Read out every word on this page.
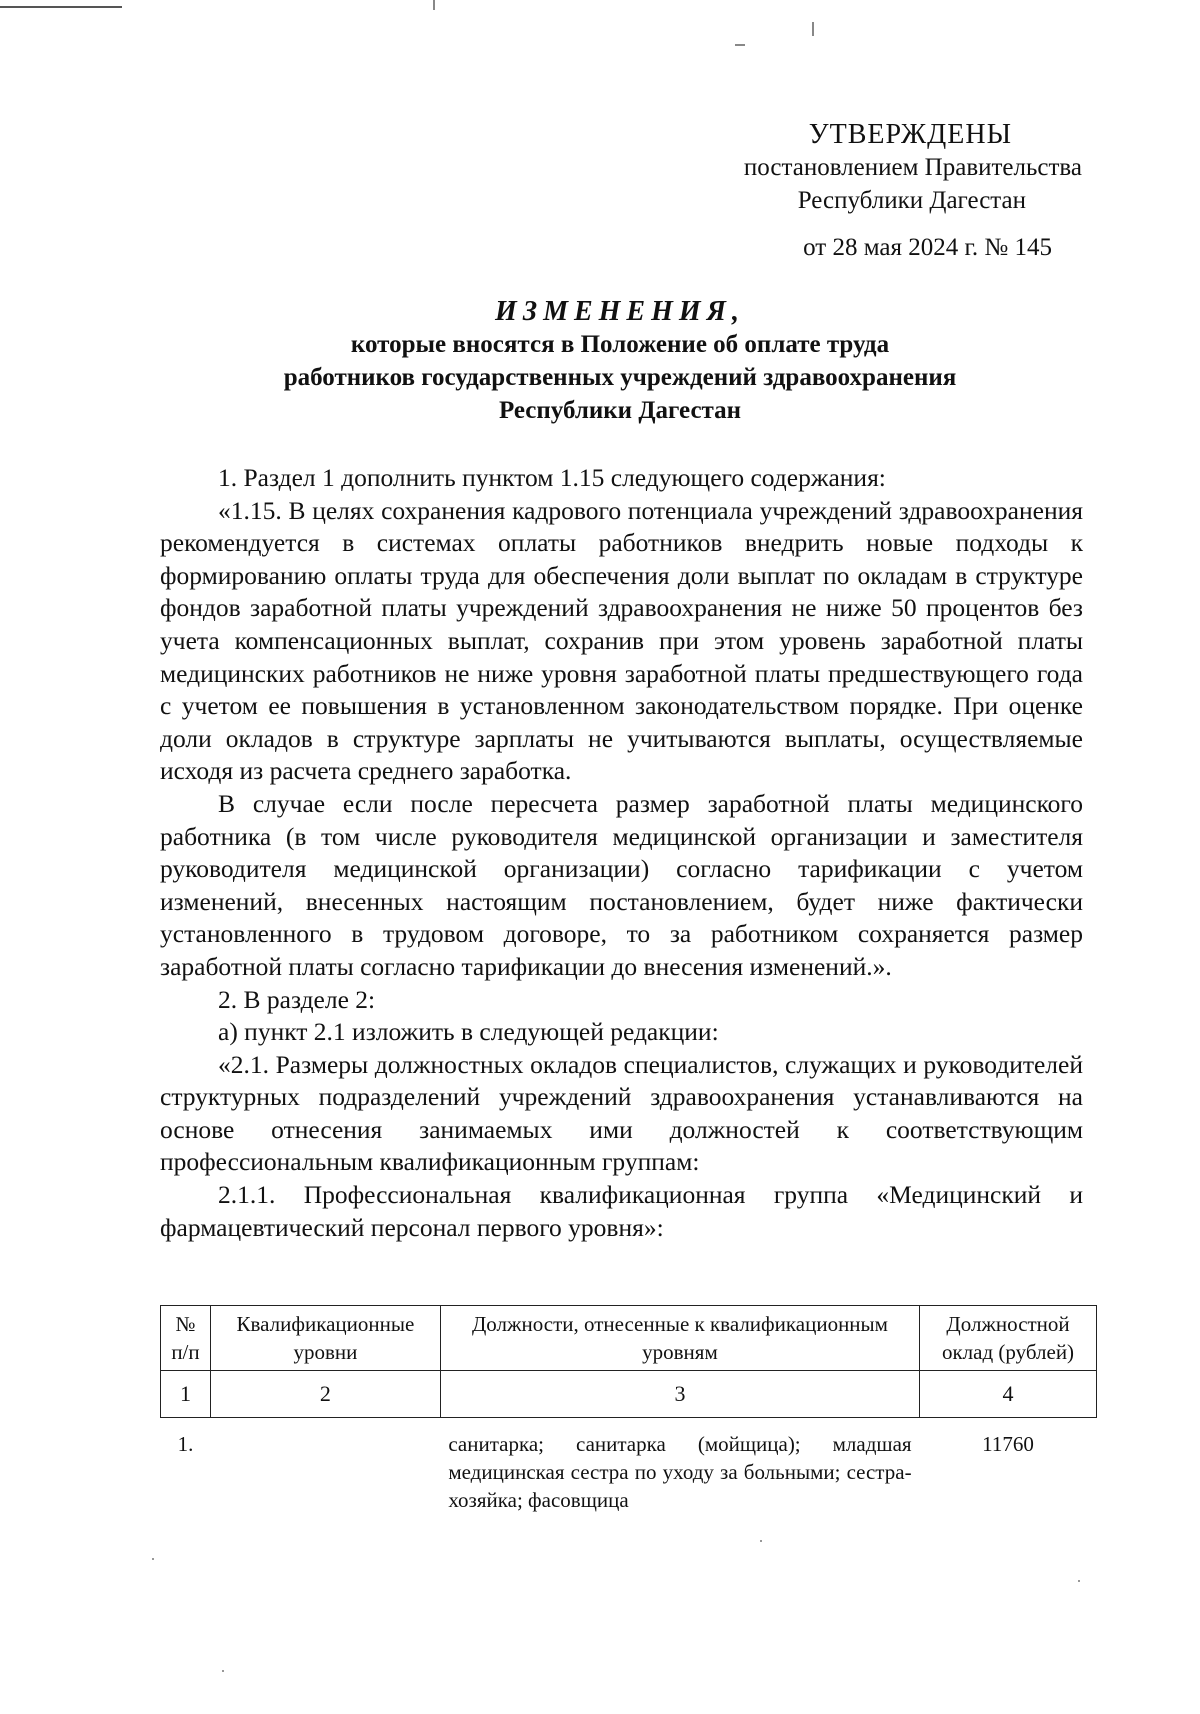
УТВЕРЖДЕНЫ
постановлением Правительства
Республики Дагестан
от 28 мая 2024 г. № 145
ИЗМЕНЕНИЯ,
которые вносятся в Положение об оплате труда
работников государственных учреждений здравоохранения
Республики Дагестан

1. Раздел 1 дополнить пунктом 1.15 следующего содержания:

«1.15. В целях сохранения кадрового потенциала учреждений здравоохранения рекомендуется в системах оплаты работников внедрить новые подходы к формированию оплаты труда для обеспечения доли выплат по окладам в структуре фондов заработной платы учреждений здравоохранения не ниже 50 процентов без учета компенсационных выплат, сохранив при этом уровень заработной платы медицинских работников не ниже уровня заработной платы предшествующего года с учетом ее повышения в установленном законодательством порядке. При оценке доли окладов в структуре зарплаты не учитываются выплаты, осуществляемые исходя из расчета среднего заработка.

В случае если после пересчета размер заработной платы медицинского работника (в том числе руководителя медицинской организации и заместителя руководителя медицинской организации) согласно тарификации с учетом изменений, внесенных настоящим постановлением, будет ниже фактически установленного в трудовом договоре, то за работником сохраняется размер заработной платы согласно тарификации до внесения изменений.».

2. В разделе 2:

а) пункт 2.1 изложить в следующей редакции:

«2.1. Размеры должностных окладов специалистов, служащих и руководителей структурных подразделений учреждений здравоохранения устанавливаются на основе отнесения занимаемых ими должностей к соответствующим профессиональным квалификационным группам:

2.1.1. Профессиональная квалификационная группа «Медицинский и фармацевтический персонал первого уровня»:

№ п/п	Квалификационные уровни	Должности, отнесенные к квалификационным уровням	Должностной оклад (рублей)
1	2	3	4
1.		санитарка; санитарка (мойщица); младшая медицинская сестра по уходу за больными; сестра-хозяйка; фасовщица	11760
